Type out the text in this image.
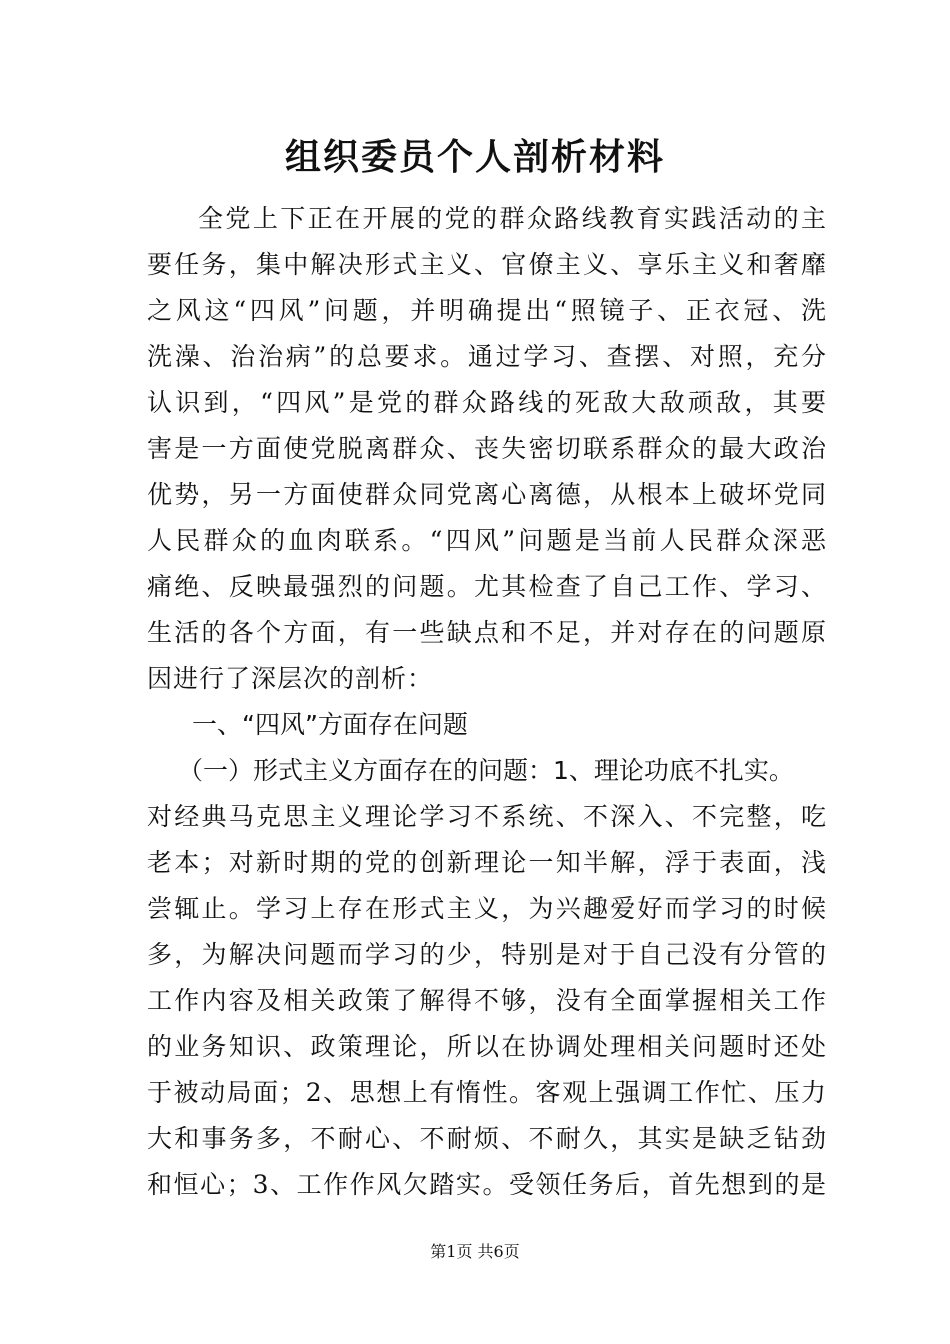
组织委员个人剖析材料
全党上下正在开展的党的群众路线教育实践活动的主
要任务，集中解决形式主义、官僚主义、享乐主义和奢靡
之风这“四风”问题，并明确提出“照镜子、正衣冠、洗
洗澡、治治病”的总要求。通过学习、查摆、对照，充分
认识到，“四风”是党的群众路线的死敌大敌顽敌，其要
害是一方面使党脱离群众、丧失密切联系群众的最大政治
优势，另一方面使群众同党离心离德，从根本上破坏党同
人民群众的血肉联系。“四风”问题是当前人民群众深恶
痛绝、反映最强烈的问题。尤其检查了自己工作、学习、
生活的各个方面，有一些缺点和不足，并对存在的问题原
因进行了深层次的剖析：
一、“四风”方面存在问题
（一）形式主义方面存在的问题：1、理论功底不扎实。
对经典马克思主义理论学习不系统、不深入、不完整，吃
老本；对新时期的党的创新理论一知半解，浮于表面，浅
尝辄止。学习上存在形式主义，为兴趣爱好而学习的时候
多，为解决问题而学习的少，特别是对于自己没有分管的
工作内容及相关政策了解得不够，没有全面掌握相关工作
的业务知识、政策理论，所以在协调处理相关问题时还处
于被动局面；2、思想上有惰性。客观上强调工作忙、压力
大和事务多，不耐心、不耐烦、不耐久，其实是缺乏钻劲
和恒心；3、工作作风欠踏实。受领任务后，首先想到的是
第1页 共6页
